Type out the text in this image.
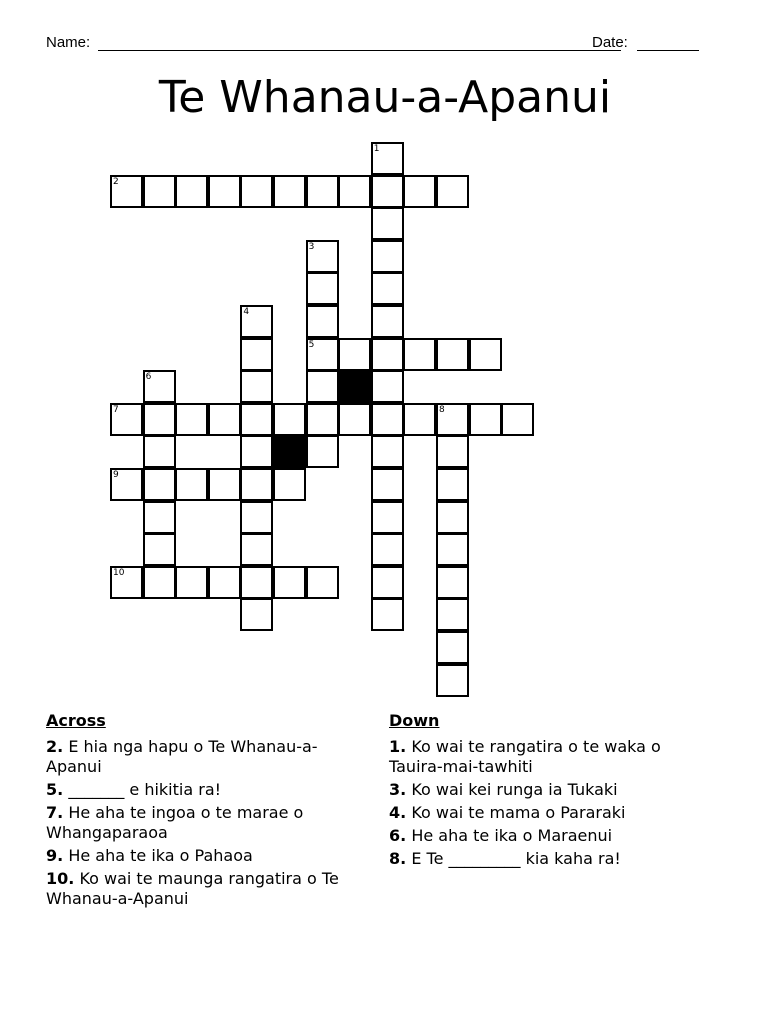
Name:	Date:
Te Whanau-a-Apanui
1
2
3
5
4
6
7	8
9
10
Across
2. E hia nga hapu o Te Whanau-a-Apanui
5. _______ e hikitia ra!
7. He aha te ingoa o te marae o Whangaparaoa
9. He aha te ika o Pahaoa
10. Ko wai te maunga rangatira o Te Whanau-a-Apanui
Down
1. Ko wai te rangatira o te waka o Tauira-mai-tawhiti
3. Ko wai kei runga ia Tukaki
4. Ko wai te mama o Pararaki
6. He aha te ika o Maraenui
8. E Te _________ kia kaha ra!
